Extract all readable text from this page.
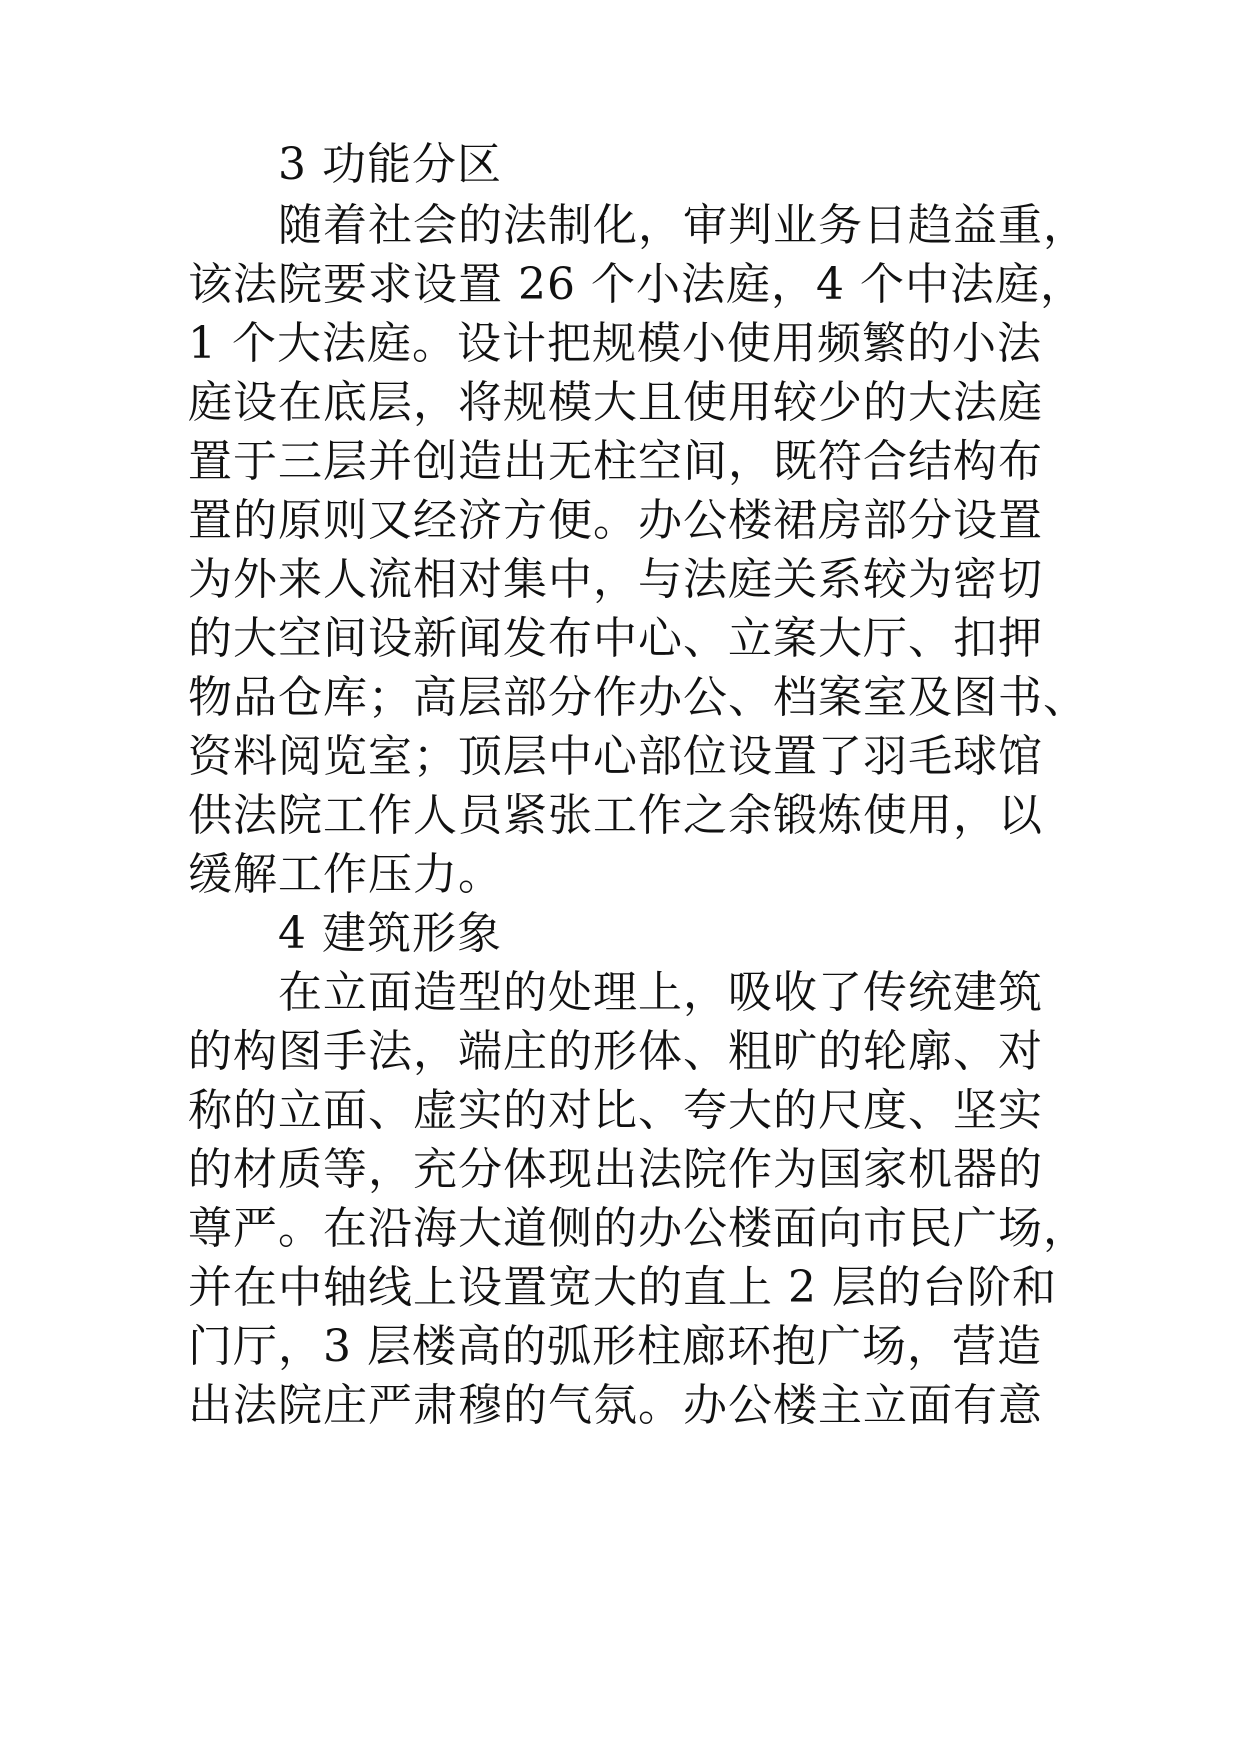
3 功能分区
随着社会的法制化，审判业务日趋益重，
该法院要求设置 26 个小法庭，4 个中法庭，
1 个大法庭。设计把规模小使用频繁的小法
庭设在底层，将规模大且使用较少的大法庭
置于三层并创造出无柱空间，既符合结构布
置的原则又经济方便。办公楼裙房部分设置
为外来人流相对集中，与法庭关系较为密切
的大空间设新闻发布中心、立案大厅、扣押
物品仓库；高层部分作办公、档案室及图书、
资料阅览室；顶层中心部位设置了羽毛球馆
供法院工作人员紧张工作之余锻炼使用，以
缓解工作压力。
4 建筑形象
在立面造型的处理上，吸收了传统建筑
的构图手法，端庄的形体、粗旷的轮廓、对
称的立面、虚实的对比、夸大的尺度、坚实
的材质等，充分体现出法院作为国家机器的
尊严。在沿海大道侧的办公楼面向市民广场，
并在中轴线上设置宽大的直上 2 层的台阶和
门厅，3 层楼高的弧形柱廊环抱广场，营造
出法院庄严肃穆的气氛。办公楼主立面有意
